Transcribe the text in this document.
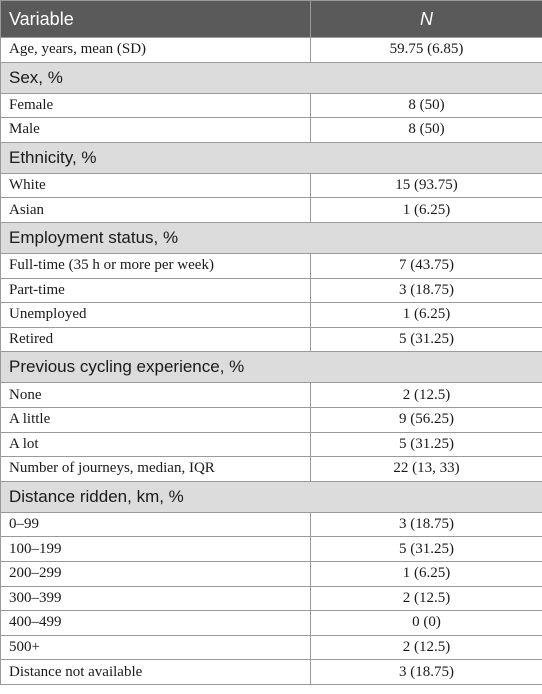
Variable	N
Age, years, mean (SD)	59.75 (6.85)
Sex, %	
Female	8 (50)
Male	8 (50)
Ethnicity, %	
White	15 (93.75)
Asian	1 (6.25)
Employment status, %	
Full-time (35 h or more per week)	7 (43.75)
Part-time	3 (18.75)
Unemployed	1 (6.25)
Retired	5 (31.25)
Previous cycling experience, %	
None	2 (12.5)
A little	9 (56.25)
A lot	5 (31.25)
Number of journeys, median, IQR	22 (13, 33)
Distance ridden, km, %	
0–99	3 (18.75)
100–199	5 (31.25)
200–299	1 (6.25)
300–399	2 (12.5)
400–499	0 (0)
500+	2 (12.5)
Distance not available	3 (18.75)
